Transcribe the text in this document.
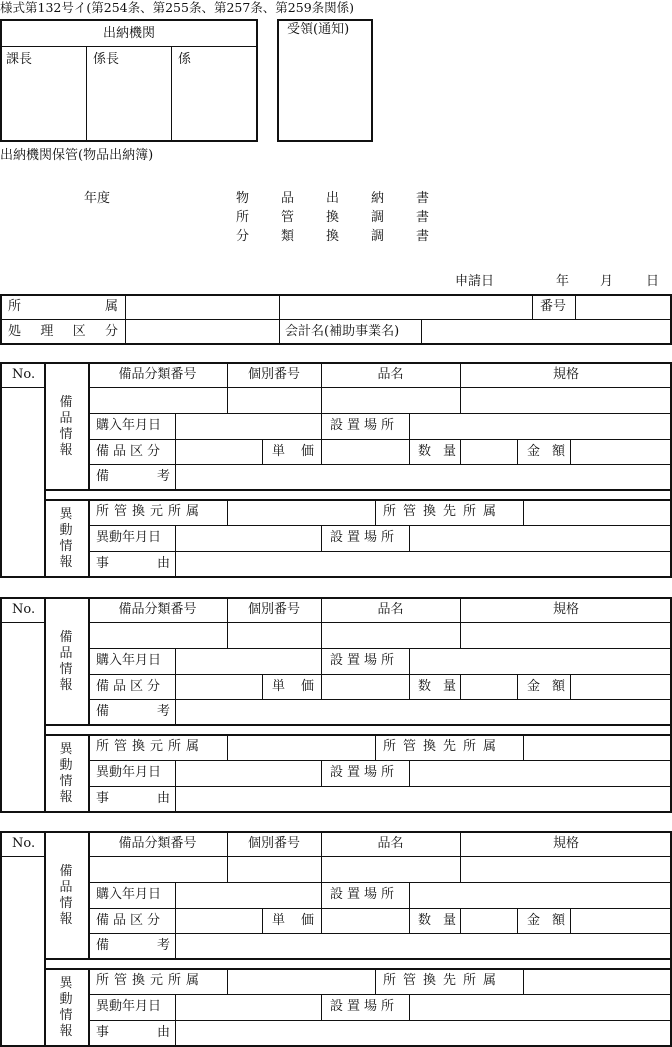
様式第132号イ(第254条、第255条、第257条、第259条関係)
出納機関
課長	係長	係
受領(通知)
出納機関保管(物品出納簿)
年度	物品出納書
所管換調書
分類換調書
申請日	年 月	日
所属	番号
処理区分	会計名(補助事業名)
No.
備品情報
異動情報
備品分類番号	個別番号	品名	規格
購入年月日	設置場所
備品区分	単価	数量	金額
備考
所管換元所属	所管換先所属
異動年月日	設置場所
事由
No.
備品情報
異動情報
備品分類番号	個別番号	品名	規格
購入年月日	設置場所
備品区分	単価	数量	金額
備考
所管換元所属	所管換先所属
異動年月日	設置場所
事由
No.
備品情報
異動情報
備品分類番号	個別番号	品名	規格
購入年月日	設置場所
備品区分	単価	数量	金額
備考
所管換元所属	所管換先所属
異動年月日	設置場所
事由
